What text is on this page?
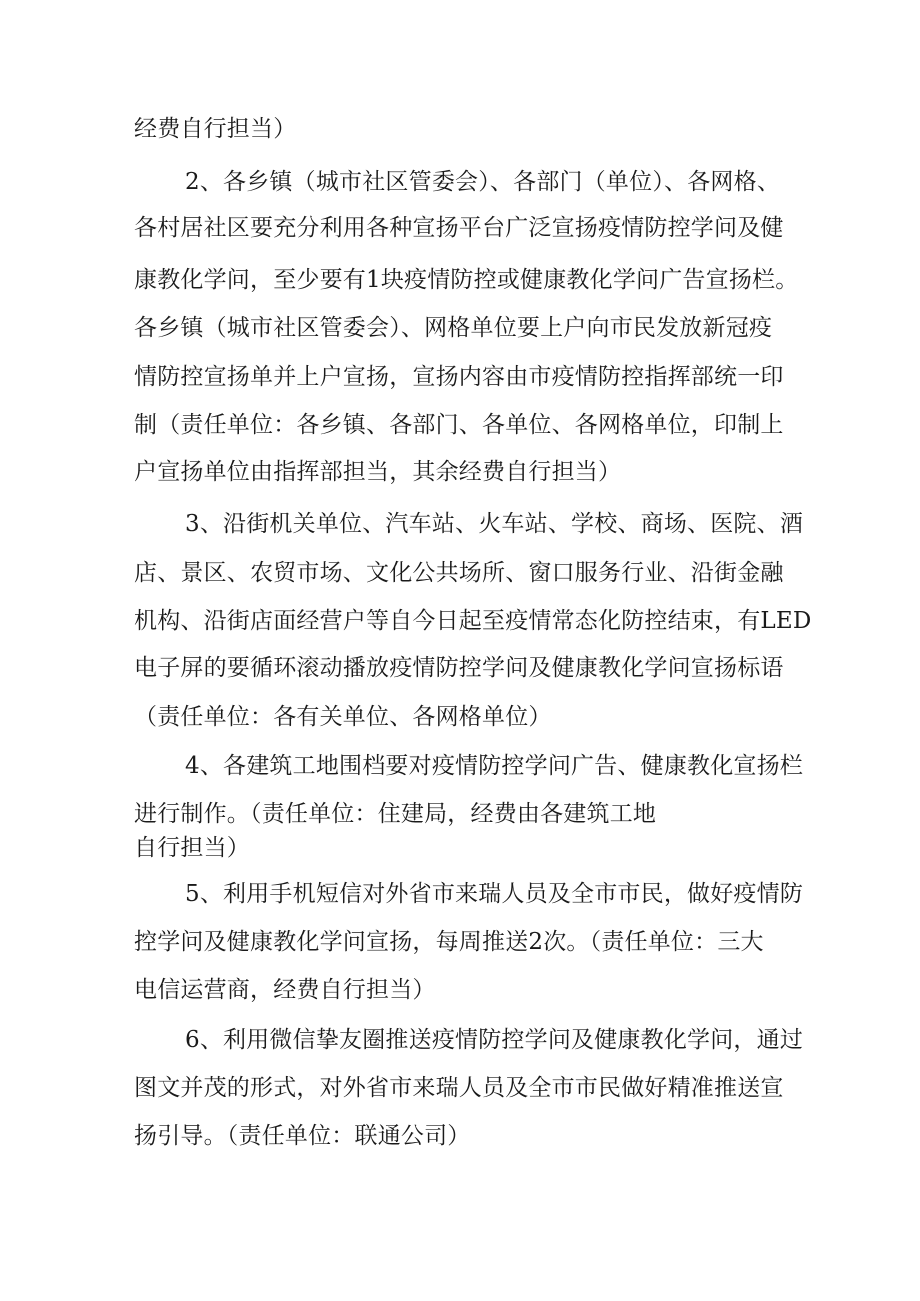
经费自行担当）
2、各乡镇（城市社区管委会）、各部门（单位）、各网格、
各村居社区要充分利用各种宣扬平台广泛宣扬疫情防控学问及健
康教化学问，至少要有1块疫情防控或健康教化学问广告宣扬栏。
各乡镇（城市社区管委会）、网格单位要上户向市民发放新冠疫
情防控宣扬单并上户宣扬，宣扬内容由市疫情防控指挥部统一印
制（责任单位：各乡镇、各部门、各单位、各网格单位，印制上
户宣扬单位由指挥部担当，其余经费自行担当）
3、沿街机关单位、汽车站、火车站、学校、商场、医院、酒
店、景区、农贸市场、文化公共场所、窗口服务行业、沿街金融
机构、沿街店面经营户等自今日起至疫情常态化防控结束，有LED
电子屏的要循环滚动播放疫情防控学问及健康教化学问宣扬标语
（责任单位：各有关单位、各网格单位）
4、各建筑工地围档要对疫情防控学问广告、健康教化宣扬栏
进行制作。（责任单位：住建局，经费由各建筑工地
自行担当）
5、利用手机短信对外省市来瑞人员及全市市民，做好疫情防
控学问及健康教化学问宣扬，每周推送2次。（责任单位：三大
电信运营商，经费自行担当）
6、利用微信挚友圈推送疫情防控学问及健康教化学问，通过
图文并茂的形式，对外省市来瑞人员及全市市民做好精准推送宣
扬引导。（责任单位：联通公司）
